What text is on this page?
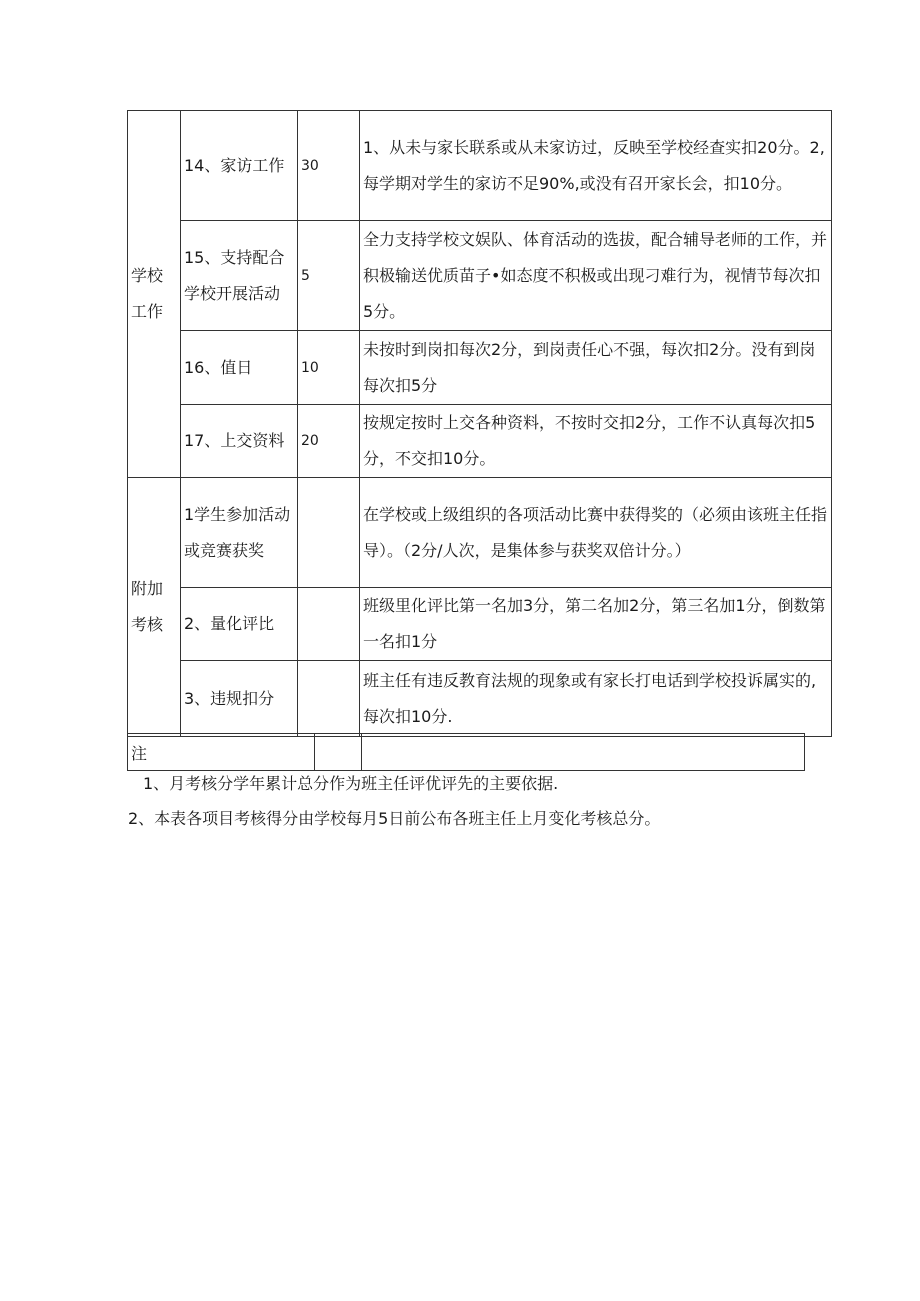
学校工作	14、家访工作	30	1、从未与家长联系或从未家访过，反映至学校经查实扣20分。2,每学期对学生的家访不足90%,或没有召开家长会，扣10分。
	15、支持配合学校开展活动	5	全力支持学校文娱队、体育活动的选拔，配合辅导老师的工作，并积极输送优质苗子•如态度不积极或出现刁难行为，视情节每次扣5分。
	16、值日	10	未按时到岗扣每次2分，到岗责任心不强，每次扣2分。没有到岗每次扣5分
	17、上交资料	20	按规定按时上交各种资料，不按时交扣2分，工作不认真每次扣5分，不交扣10分。
附加考核	1学生参加活动或竞赛获奖		在学校或上级组织的各项活动比赛中获得奖的（必须由该班主任指导）。（2分/人次，是集体参与获奖双倍计分。）
	2、量化评比		班级里化评比第一名加3分，第二名加2分，第三名加1分，倒数第一名扣1分
	3、违规扣分		班主任有违反教育法规的现象或有家长打电话到学校投诉属实的,每次扣10分.
注		
1、月考核分学年累计总分作为班主任评优评先的主要依据.
2、本表各项目考核得分由学校每月5日前公布各班主任上月变化考核总分。
